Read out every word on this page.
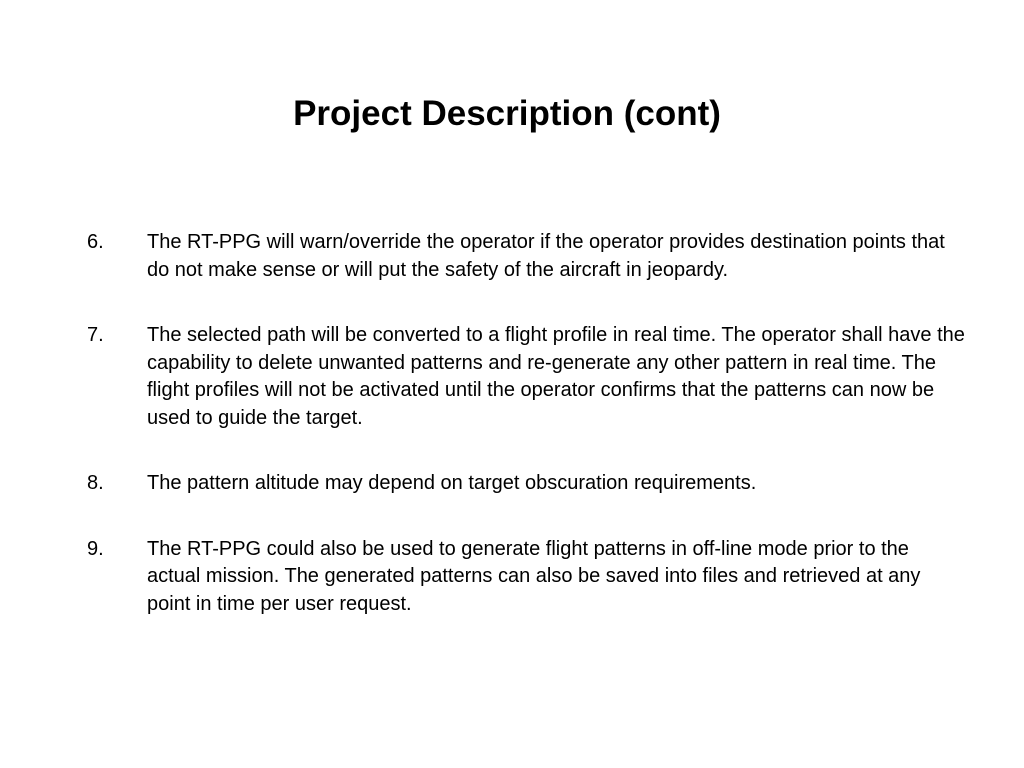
Project Description (cont)
6.	The RT-PPG will warn/override the operator if the operator provides destination points that do not make sense or will put the safety of the aircraft in jeopardy.
7.	The selected path will be converted to a flight profile in real time. The operator shall have the capability to delete unwanted patterns and re-generate any other pattern in real time. The flight profiles will not be activated until the operator confirms that the patterns can now be used to guide the target.
8.	The pattern altitude may depend on target obscuration requirements.
9.	The RT-PPG could also be used to generate flight patterns in off-line mode prior to the actual mission. The generated patterns can also be saved into files and retrieved at any point in time per user request.
